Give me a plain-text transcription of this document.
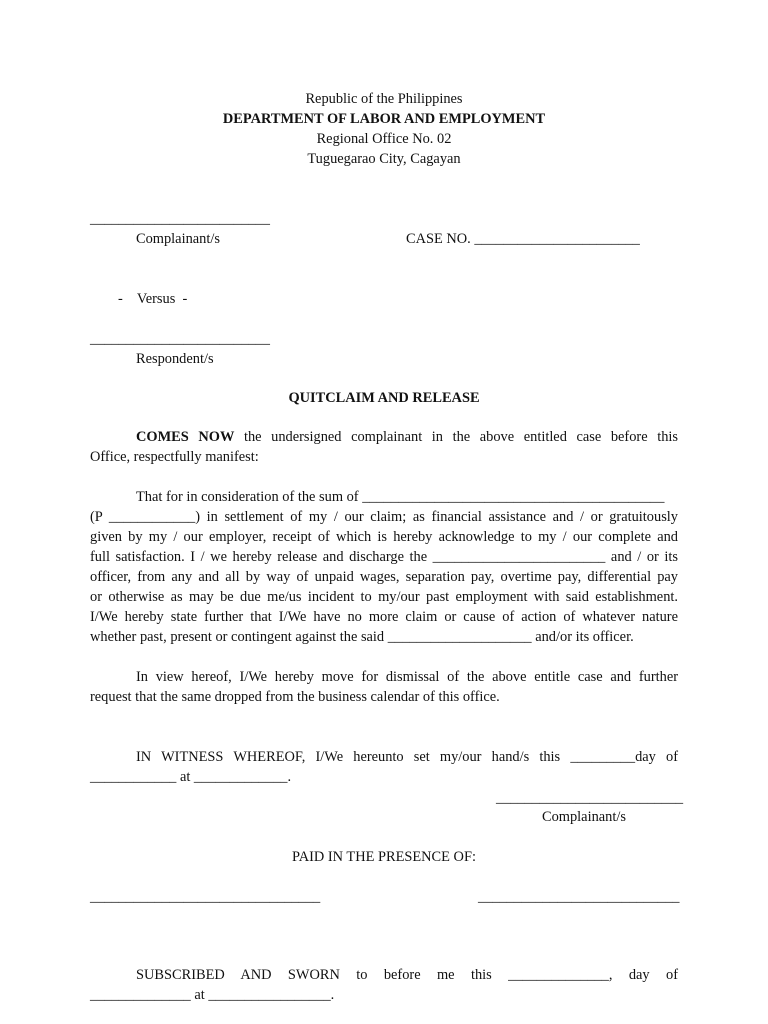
Republic of the Philippines
DEPARTMENT OF LABOR AND EMPLOYMENT
Regional Office No. 02
Tuguegarao City, Cagayan
_________________________
Complainant/s	CASE NO. _______________________
-    Versus  -
_________________________
Respondent/s
QUITCLAIM AND RELEASE
COMES NOW the undersigned complainant in the above entitled case before this
Office, respectfully manifest:
That for in consideration of the sum of __________________________________________
(P ____________) in settlement of my / our claim; as financial assistance and / or gratuitously
given by my / our employer, receipt of which is hereby acknowledge to my / our complete and
full satisfaction. I / we hereby release and discharge the ________________________ and / or its
officer, from any and all by way of unpaid wages, separation pay, overtime pay, differential pay
or otherwise as may be due me/us incident to my/our past employment with said establishment.
I/We hereby state further that I/We have no more claim or cause of action of whatever nature
whether past, present or contingent against the said ____________________ and/or its officer.
In view hereof, I/We hereby move for dismissal of the above entitle case and further
request that the same dropped from the business calendar of this office.
IN WITNESS WHEREOF, I/We hereunto set my/our hand/s this _________day of
____________ at _____________.
__________________________
Complainant/s
PAID IN THE PRESENCE OF:
________________________________	____________________________
SUBSCRIBED AND SWORN to before me this ______________, day of
______________ at _________________.
